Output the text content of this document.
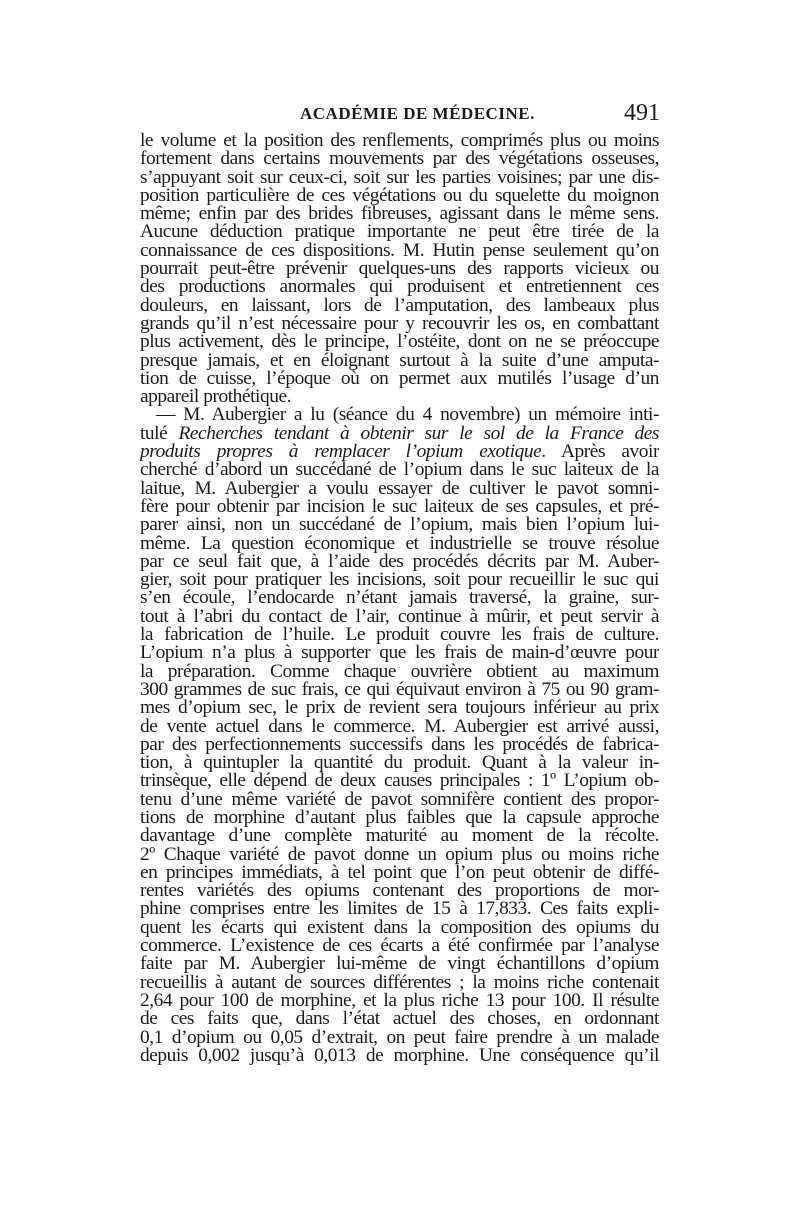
ACADÉMIE DE MÉDECINE.	491
le volume et la position des renflements, comprimés plus ou moins
fortement dans certains mouvements par des végétations osseuses,
s’appuyant soit sur ceux-ci, soit sur les parties voisines; par une dis-
position particulière de ces végétations ou du squelette du moignon
même; enfin par des brides fibreuses, agissant dans le même sens.
Aucune déduction pratique importante ne peut être tirée de la
connaissance de ces dispositions. M. Hutin pense seulement qu’on
pourrait peut-être prévenir quelques-uns des rapports vicieux ou
des productions anormales qui produisent et entretiennent ces
douleurs, en laissant, lors de l’amputation, des lambeaux plus
grands qu’il n’est nécessaire pour y recouvrir les os, en combattant
plus activement, dès le principe, l’ostéite, dont on ne se préoccupe
presque jamais, et en éloignant surtout à la suite d’une amputa-
tion de cuisse, l’époque où on permet aux mutilés l’usage d’un
appareil prothétique.
— M. Aubergier a lu (séance du 4 novembre) un mémoire inti-
tulé Recherches tendant à obtenir sur le sol de la France des
produits propres à remplacer l’opium exotique. Après avoir
cherché d’abord un succédané de l’opium dans le suc laiteux de la
laitue, M. Aubergier a voulu essayer de cultiver le pavot somni-
fère pour obtenir par incision le suc laiteux de ses capsules, et pré-
parer ainsi, non un succédané de l’opium, mais bien l’opium lui-
même. La question économique et industrielle se trouve résolue
par ce seul fait que, à l’aide des procédés décrits par M. Auber-
gier, soit pour pratiquer les incisions, soit pour recueillir le suc qui
s’en écoule, l’endocarde n’étant jamais traversé, la graine, sur-
tout à l’abri du contact de l’air, continue à mûrir, et peut servir à
la fabrication de l’huile. Le produit couvre les frais de culture.
L’opium n’a plus à supporter que les frais de main-d’œuvre pour
la préparation. Comme chaque ouvrière obtient au maximum
300 grammes de suc frais, ce qui équivaut environ à 75 ou 90 gram-
mes d’opium sec, le prix de revient sera toujours inférieur au prix
de vente actuel dans le commerce. M. Aubergier est arrivé aussi,
par des perfectionnements successifs dans les procédés de fabrica-
tion, à quintupler la quantité du produit. Quant à la valeur in-
trinsèque, elle dépend de deux causes principales : 1º L’opium ob-
tenu d’une même variété de pavot somnifère contient des propor-
tions de morphine d’autant plus faibles que la capsule approche
davantage d’une complète maturité au moment de la récolte.
2º Chaque variété de pavot donne un opium plus ou moins riche
en principes immédiats, à tel point que l’on peut obtenir de diffé-
rentes variétés des opiums contenant des proportions de mor-
phine comprises entre les limites de 15 à 17,833. Ces faits expli-
quent les écarts qui existent dans la composition des opiums du
commerce. L’existence de ces écarts a été confirmée par l’analyse
faite par M. Aubergier lui-même de vingt échantillons d’opium
recueillis à autant de sources différentes ; la moins riche contenait
2,64 pour 100 de morphine, et la plus riche 13 pour 100. Il résulte
de ces faits que, dans l’état actuel des choses, en ordonnant
0,1 d’opium ou 0,05 d’extrait, on peut faire prendre à un malade
depuis 0,002 jusqu’à 0,013 de morphine. Une conséquence qu’il
